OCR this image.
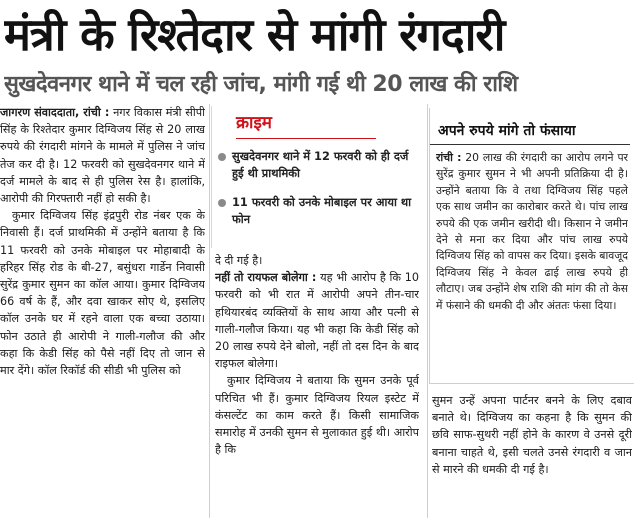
मंत्री के रिश्तेदार से मांगी रंगदारी
सुखदेवनगर थाने में चल रही जांच, मांगी गई थी 20 लाख की राशि

जागरण संवाददाता, रांची : नगर विकास मंत्री सीपी सिंह के रिश्तेदार कुमार दिग्विजय सिंह से 20 लाख रुपये की रंगदारी मांगने के मामले में पुलिस ने जांच तेज कर दी है। 12 फरवरी को सुखदेवनगर थाने में दर्ज मामले के बाद से ही पुलिस रेस है। हालांकि, आरोपी की गिरफ्तारी नहीं हो सकी है।

कुमार दिग्विजय सिंह इंद्रपुरी रोड नंबर एक के निवासी हैं। दर्ज प्राथमिकी में उन्होंने बताया है कि 11 फरवरी को उनके मोबाइल पर मोहाबादी के हरिहर सिंह रोड के बी-27, बसुंधरा गार्डेन निवासी सुरेंद्र कुमार सुमन का कॉल आया। कुमार दिग्विजय 66 वर्ष के हैं, और दवा खाकर सोए थे, इसलिए कॉल उनके घर में रहने वाला एक बच्चा उठाया। फोन उठाते ही आरोपी ने गाली-गलौज की और कहा कि केडी सिंह को पैसे नहीं दिए तो जान से मार देंगे। कॉल रिकॉर्ड की सीडी भी पुलिस को

क्राइम
सुखदेवनगर थाने में 12 फरवरी को ही दर्ज हुई थी प्राथमिकी
11 फरवरी को उनके मोबाइल पर आया था फोन

दे दी गई है।

नहीं तो रायफल बोलेगा : यह भी आरोप है कि 10 फरवरी को भी रात में आरोपी अपने तीन-चार हथियारबंद व्यक्तियों के साथ आया और पत्नी से गाली-गलौज किया। यह भी कहा कि केडी सिंह को 20 लाख रुपये देने बोलो, नहीं तो दस दिन के बाद राइफल बोलेगा।

कुमार दिग्विजय ने बताया कि सुमन उनके पूर्व परिचित भी हैं। कुमार दिग्विजय रियल इस्टेट में कंसल्टेंट का काम करते हैं। किसी सामाजिक समारोह में उनकी सुमन से मुलाकात हुई थी। आरोप है कि

अपने रुपये मांगे तो फंसाया

रांची : 20 लाख की रंगदारी का आरोप लगने पर सुरेंद्र कुमार सुमन ने भी अपनी प्रतिक्रिया दी है। उन्होंने बताया कि वे तथा दिग्विजय सिंह पहले एक साथ जमीन का कारोबार करते थे। पांच लाख रुपये की एक जमीन खरीदी थी। किसान ने जमीन देने से मना कर दिया और पांच लाख रुपये दिग्विजय सिंह को वापस कर दिया। इसके बावजूद दिग्विजय सिंह ने केवल ढाई लाख रुपये ही लौटाए। जब उन्होंने शेष राशि की मांग की तो केस में फंसाने की धमकी दी और अंततः फंसा दिया।

सुमन उन्हें अपना पार्टनर बनने के लिए दबाव बनाते थे। दिग्विजय का कहना है कि सुमन की छवि साफ-सुथरी नहीं होने के कारण वे उनसे दूरी बनाना चाहते थे, इसी चलते उनसे रंगदारी व जान से मारने की धमकी दी गई है।
